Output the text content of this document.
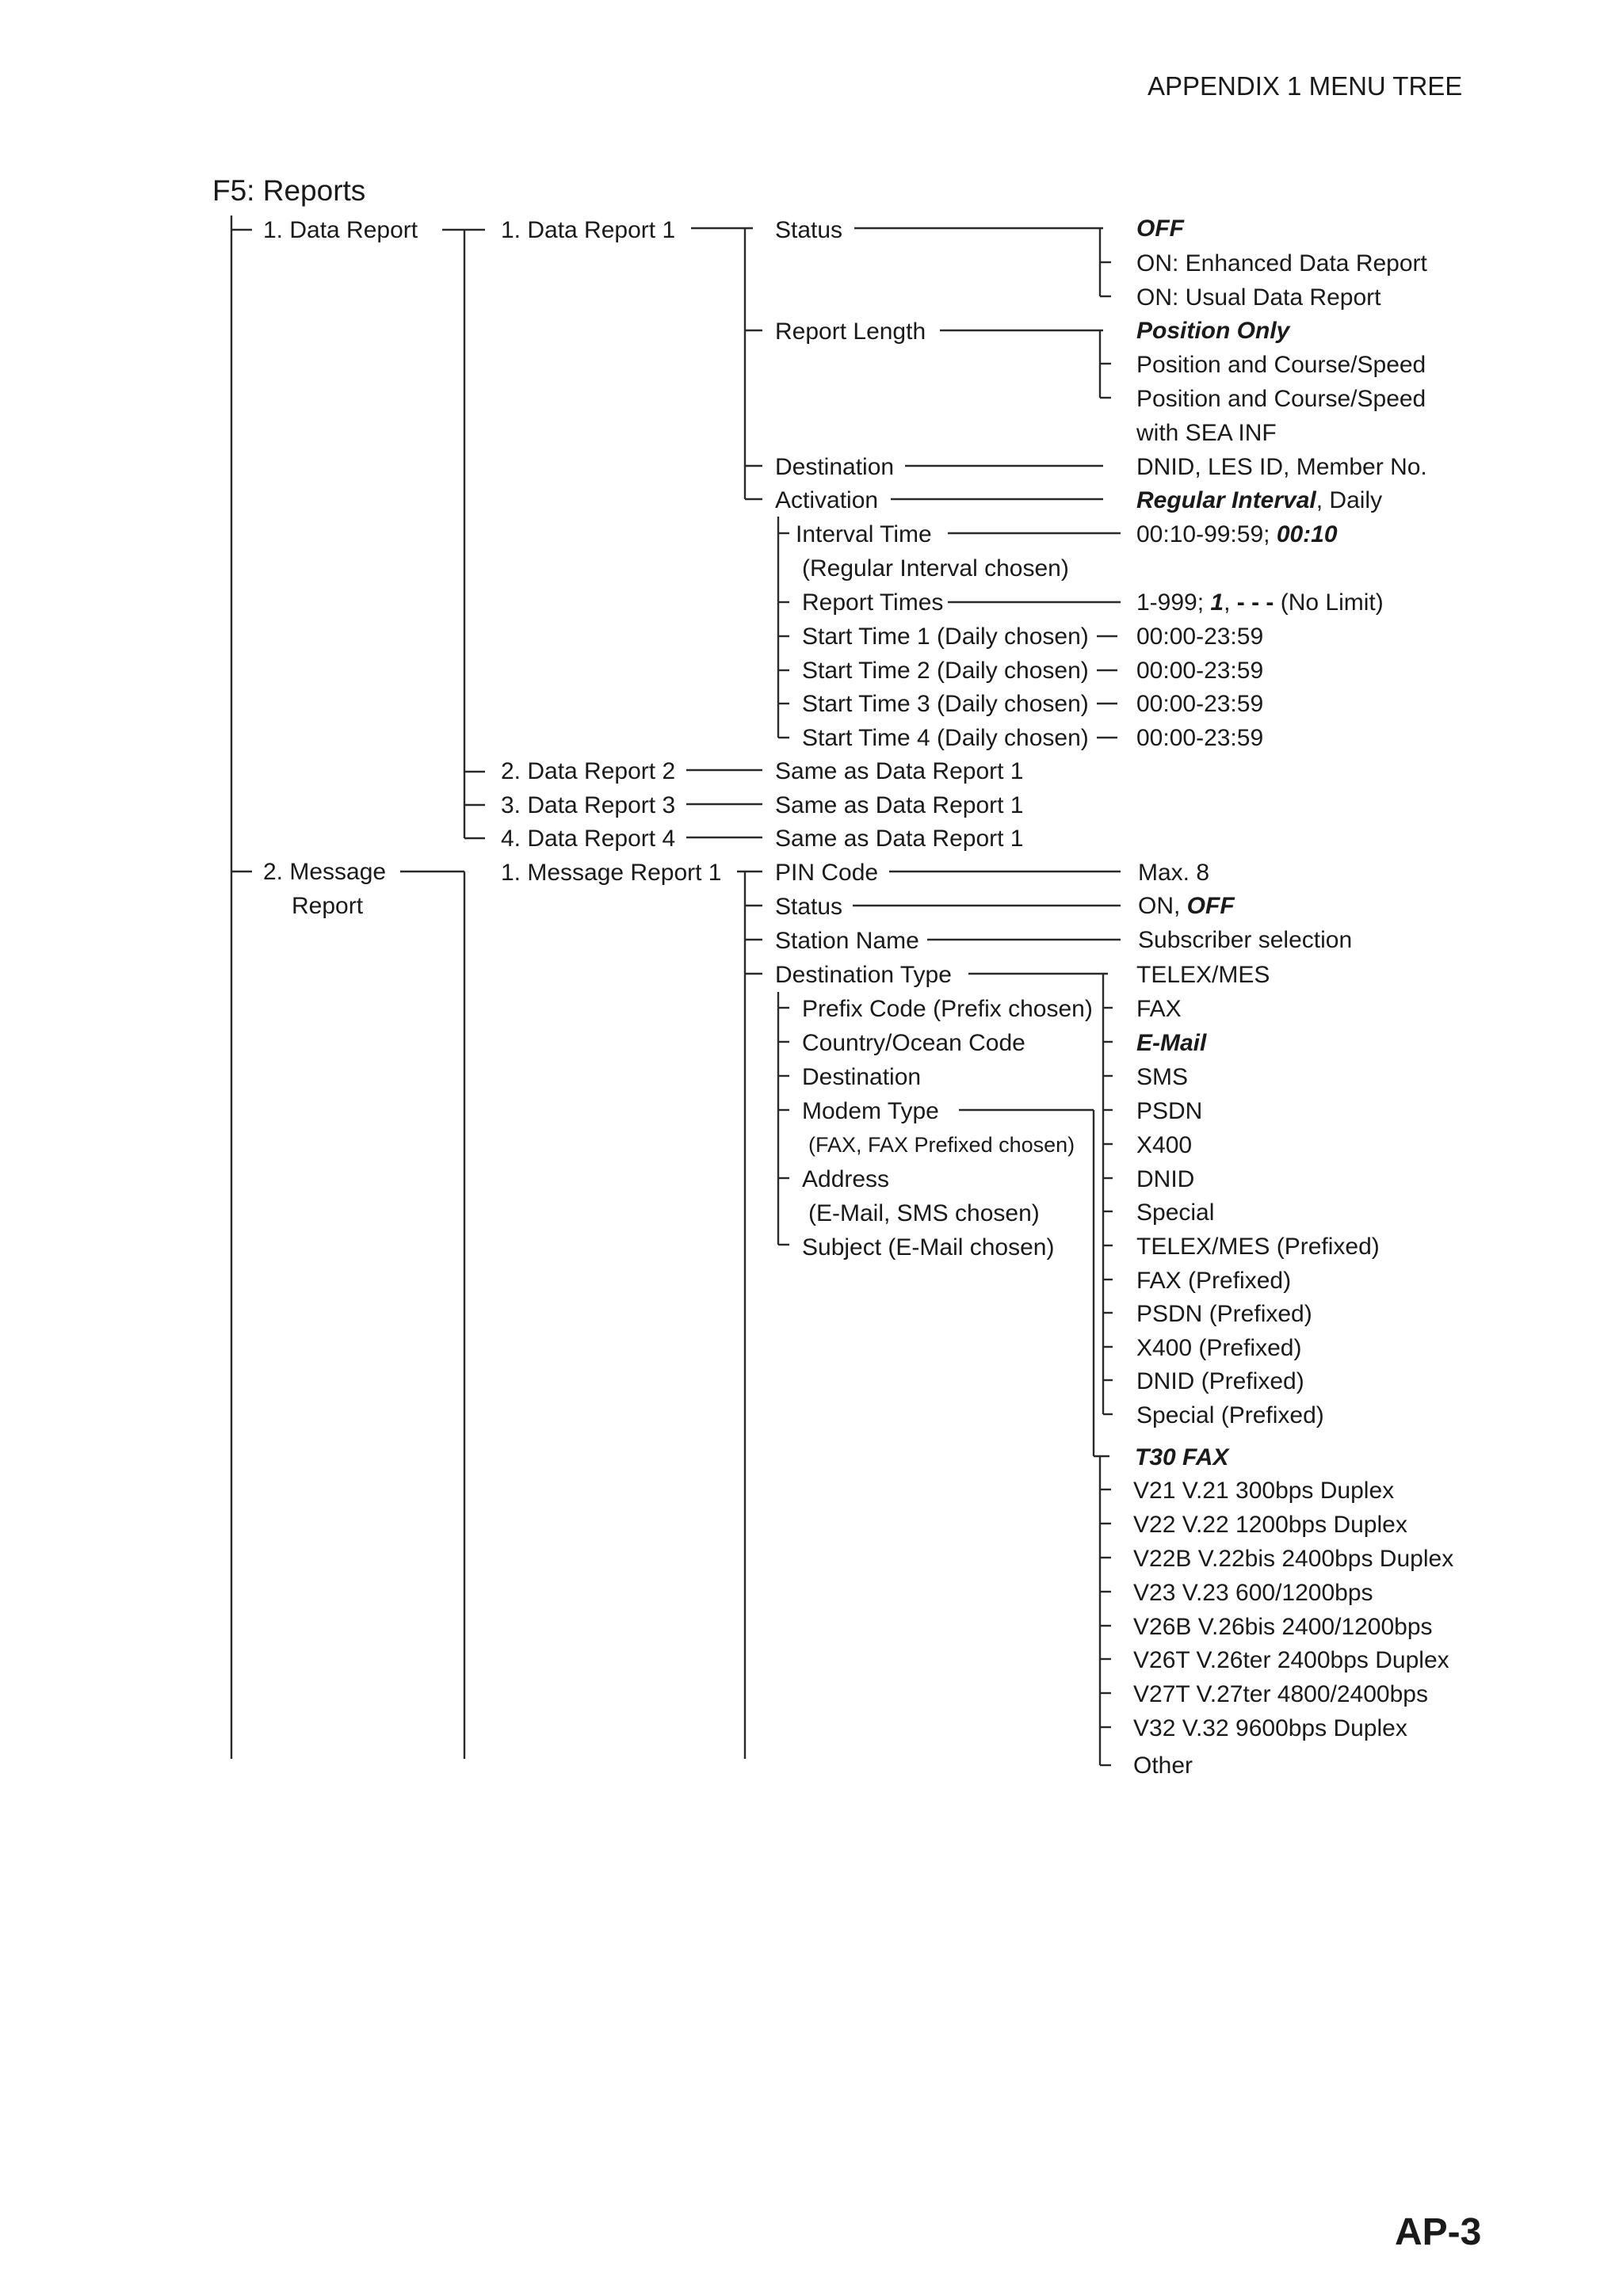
APPENDIX 1 MENU TREE
F5: Reports
1. Data Report
2. Message
Report
1. Data Report 1
2. Data Report 2
3. Data Report 3
4. Data Report 4
1. Message Report 1
Status
Report Length
Destination
Activation
Interval Time
(Regular Interval chosen)
Report Times
Start Time 1 (Daily chosen)
Start Time 2 (Daily chosen)
Start Time 3 (Daily chosen)
Start Time 4 (Daily chosen)
Same as Data Report 1
Same as Data Report 1
Same as Data Report 1
PIN Code
Status
Station Name
Destination Type
Prefix Code (Prefix chosen)
Country/Ocean Code
Destination
Modem Type
(FAX, FAX Prefixed chosen)
Address
(E-Mail, SMS chosen)
Subject (E-Mail chosen)
OFF
ON: Enhanced Data Report
ON: Usual Data Report
Position Only
Position and Course/Speed
Position and Course/Speed
with SEA INF
DNID, LES ID, Member No.
Regular Interval, Daily
00:10-99:59; 00:10
1-999; 1, - - - (No Limit)
00:00-23:59
00:00-23:59
00:00-23:59
00:00-23:59
Max. 8
ON, OFF
Subscriber selection
TELEX/MES
FAX
E-Mail
SMS
PSDN
X400
DNID
Special
TELEX/MES (Prefixed)
FAX (Prefixed)
PSDN (Prefixed)
X400 (Prefixed)
DNID (Prefixed)
Special (Prefixed)
T30 FAX
V21 V.21 300bps Duplex
V22 V.22 1200bps Duplex
V22B V.22bis 2400bps Duplex
V23 V.23 600/1200bps
V26B V.26bis 2400/1200bps
V26T V.26ter 2400bps Duplex
V27T V.27ter 4800/2400bps
V32 V.32 9600bps Duplex
Other
AP-3
